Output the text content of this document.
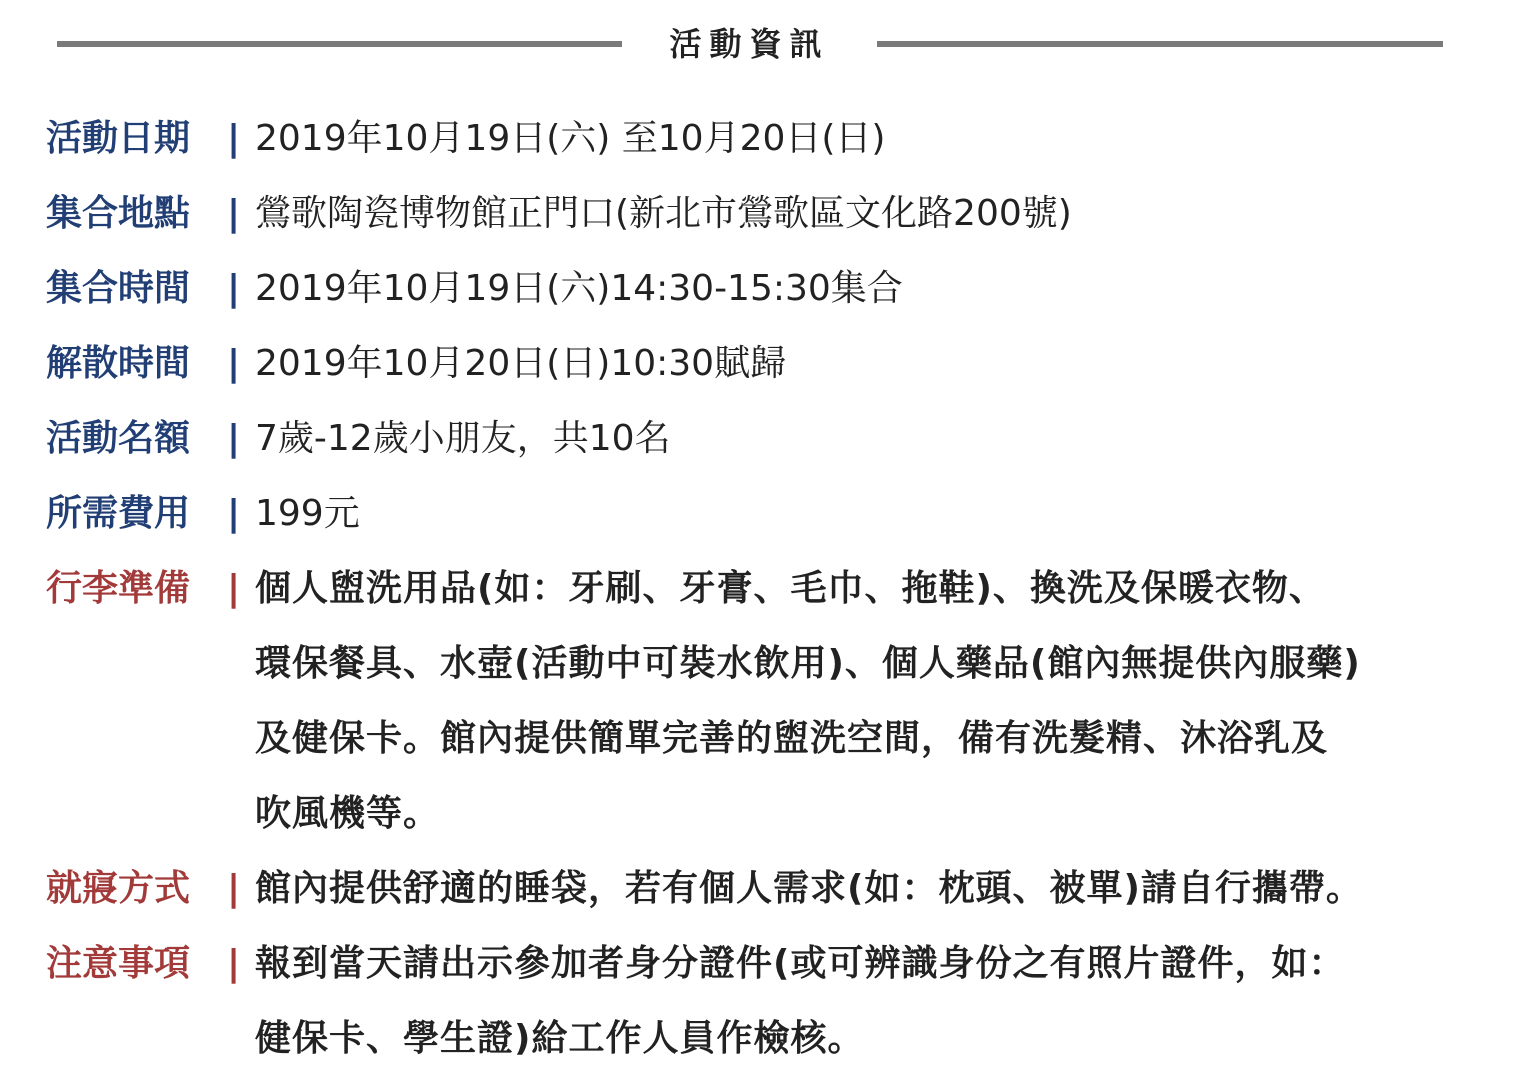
活動資訊
活動日期	| 2019年10月19日(六) 至10月20日(日)
集合地點	| 鶯歌陶瓷博物館正門口(新北市鶯歌區文化路200號)
集合時間	| 2019年10月19日(六)14:30-15:30集合
解散時間	| 2019年10月20日(日)10:30賦歸
活動名額	| 7歲-12歲小朋友，共10名
所需費用	| 199元
行李準備	| 個人盥洗用品(如：牙刷、牙膏、毛巾、拖鞋)、換洗及保暖衣物、
環保餐具、水壺(活動中可裝水飲用)、個人藥品(館內無提供內服藥)
及健保卡。館內提供簡單完善的盥洗空間，備有洗髮精、沐浴乳及
吹風機等。
就寢方式	| 館內提供舒適的睡袋，若有個人需求(如：枕頭、被單)請自行攜帶。
注意事項	| 報到當天請出示參加者身分證件(或可辨識身份之有照片證件，如：
健保卡、學生證)給工作人員作檢核。
